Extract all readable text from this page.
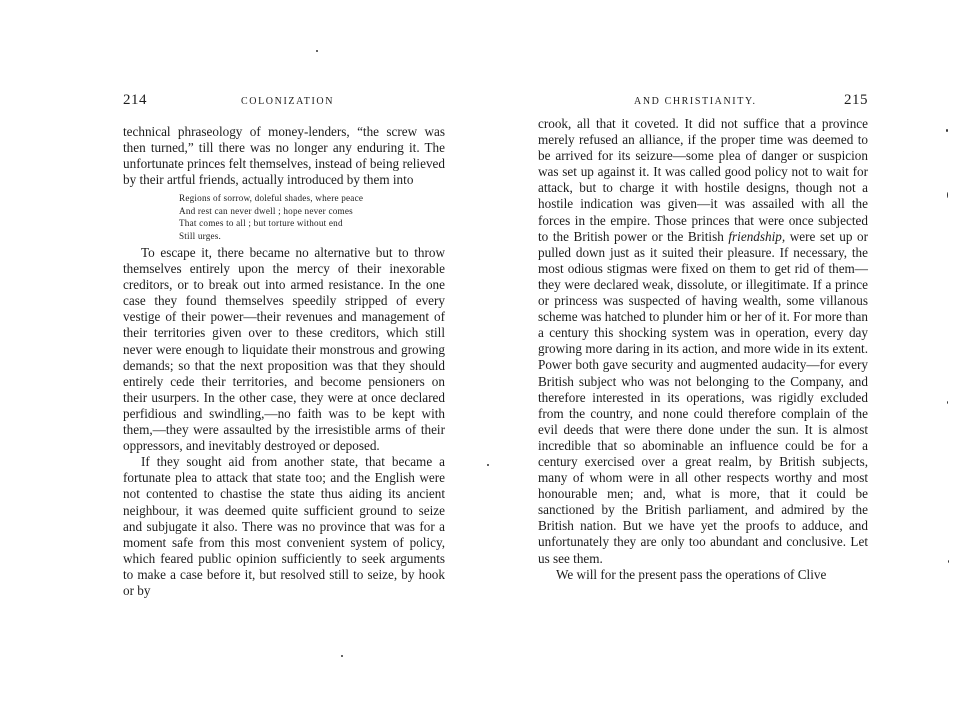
214	COLONIZATION

technical phraseology of money-lenders, “the screw was then turned,” till there was no longer any enduring it. The unfortunate princes felt themselves, instead of being relieved by their artful friends, actually introduced by them into

Regions of sorrow, doleful shades, where peace
And rest can never dwell ; hope never comes
That comes to all ; but torture without end
Still urges.

To escape it, there became no alternative but to throw themselves entirely upon the mercy of their inexorable creditors, or to break out into armed resistance. In the one case they found themselves speedily stripped of every vestige of their power—their revenues and management of their territories given over to these creditors, which still never were enough to liquidate their monstrous and growing demands; so that the next proposition was that they should entirely cede their territories, and become pensioners on their usurpers. In the other case, they were at once declared perfidious and swindling,—no faith was to be kept with them,—they were assaulted by the irresistible arms of their oppressors, and inevitably destroyed or deposed.

If they sought aid from another state, that became a fortunate plea to attack that state too; and the English were not contented to chastise the state thus aiding its ancient neighbour, it was deemed quite sufficient ground to seize and subjugate it also. There was no province that was for a moment safe from this most convenient system of policy, which feared public opinion sufficiently to seek arguments to make a case before it, but resolved still to seize, by hook or by

AND CHRISTIANITY.	215

crook, all that it coveted. It did not suffice that a province merely refused an alliance, if the proper time was deemed to be arrived for its seizure—some plea of danger or suspicion was set up against it. It was called good policy not to wait for attack, but to charge it with hostile designs, though not a hostile indication was given—it was assailed with all the forces in the empire. Those princes that were once subjected to the British power or the British friendship, were set up or pulled down just as it suited their pleasure. If necessary, the most odious stigmas were fixed on them to get rid of them—they were declared weak, dissolute, or illegitimate. If a prince or princess was suspected of having wealth, some villanous scheme was hatched to plunder him or her of it. For more than a century this shocking system was in operation, every day growing more daring in its action, and more wide in its extent. Power both gave security and augmented audacity—for every British subject who was not belonging to the Company, and therefore interested in its operations, was rigidly excluded from the country, and none could therefore complain of the evil deeds that were there done under the sun. It is almost incredible that so abominable an influence could be for a century exercised over a great realm, by British subjects, many of whom were in all other respects worthy and most honourable men; and, what is more, that it could be sanctioned by the British parliament, and admired by the British nation. But we have yet the proofs to adduce, and unfortunately they are only too abundant and conclusive. Let us see them.

We will for the present pass the operations of Clive
